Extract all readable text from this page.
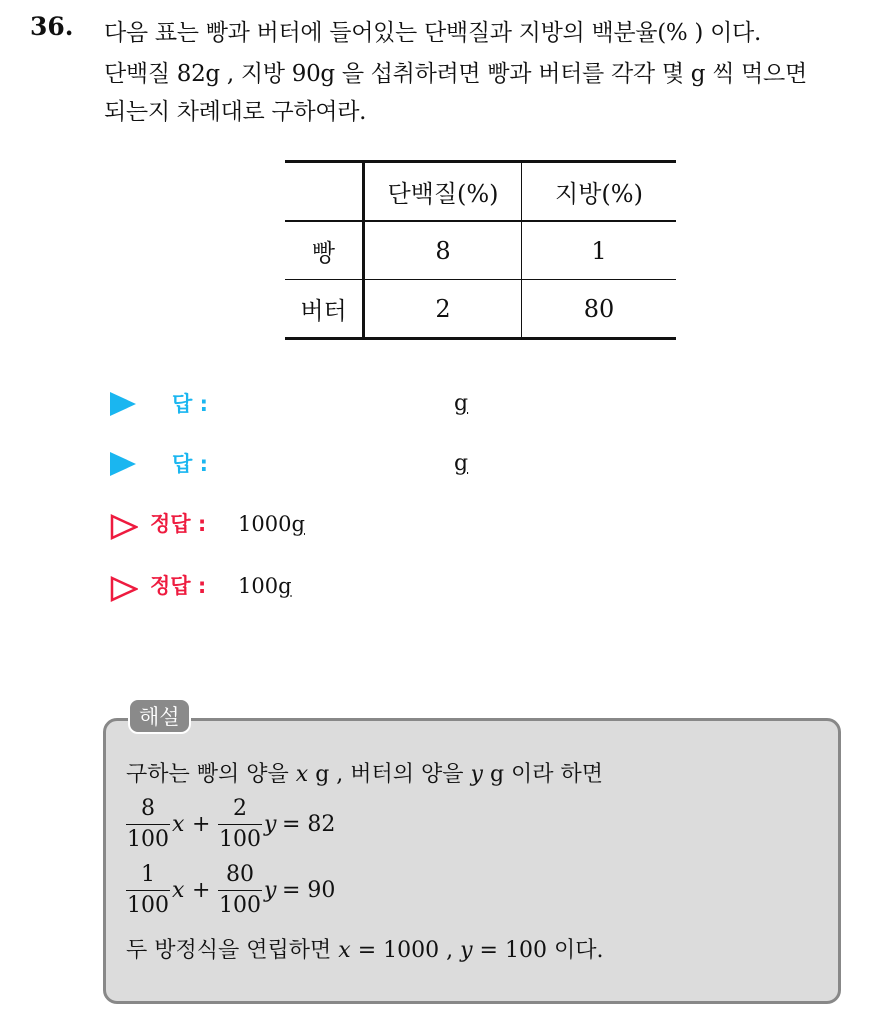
36. 다음 표는 빵과 버터에 들어있는 단백질과 지방의 백분율(% ) 이다.
단백질 82g , 지방 90g 을 섭취하려면 빵과 버터를 각각 몇 g 씩 먹으면
되는지 차례대로 구하여라.
	단백질(%)	지방(%)
빵	8	1
버터	2	80
답 :	g
답 :	g
정답 : 1000g
정답 : 100g
해설
구하는 빵의 양을 x g , 버터의 양을 y g 이라 하면
8
100
x +
2
100
y = 82
1
100
x +
80
100
y = 90
두 방정식을 연립하면 x = 1000 , y = 100 이다.
